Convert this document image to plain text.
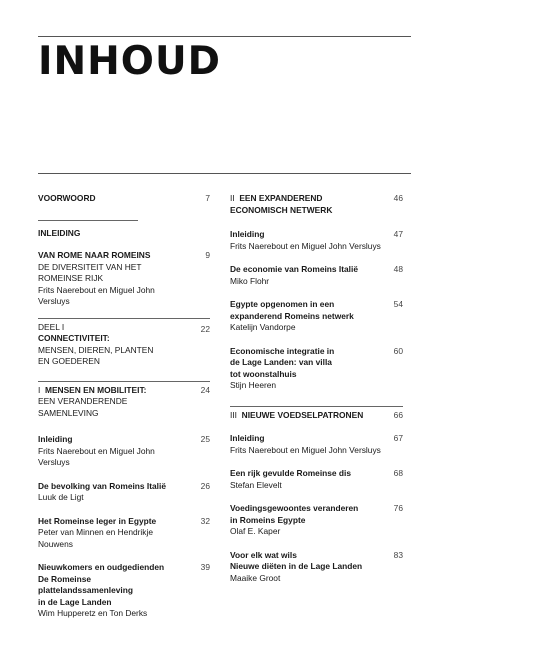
INHOUD
VOORWOORD	7
INLEIDING
VAN ROME NAAR ROMEINS
DE DIVERSITEIT VAN HET
ROMEINSE RIJK
Frits Naerebout en Miguel John Versluys
9
DEEL I
CONNECTIVITEIT:
MENSEN, DIEREN, PLANTEN
EN GOEDEREN
22
I MENSEN EN MOBILITEIT:
EEN VERANDERENDE SAMENLEVING
24
Inleiding
Frits Naerebout en Miguel John Versluys
25
De bevolking van Romeins Italië
Luuk de Ligt
26
Het Romeinse leger in Egypte
Peter van Minnen en Hendrikje Nouwens
32
Nieuwkomers en oudgedienden
De Romeinse plattelandssamenleving
in de Lage Landen
Wim Hupperetz en Ton Derks
39
II EEN EXPANDEREND
ECONOMISCH NETWERK
46
Inleiding
Frits Naerebout en Miguel John Versluys
47
De economie van Romeins Italië
Miko Flohr
48
Egypte opgenomen in een
expanderend Romeins netwerk
Katelijn Vandorpe
54
Economische integratie in
de Lage Landen: van villa
tot woonstalhuis
Stijn Heeren
60
III NIEUWE VOEDSELPATRONEN	66
Inleiding
Frits Naerebout en Miguel John Versluys
67
Een rijk gevulde Romeinse dis
Stefan Elevelt
68
Voedingsgewoontes veranderen
in Romeins Egypte
Olaf E. Kaper
76
Voor elk wat wils
Nieuwe diëten in de Lage Landen
Maaike Groot
83
